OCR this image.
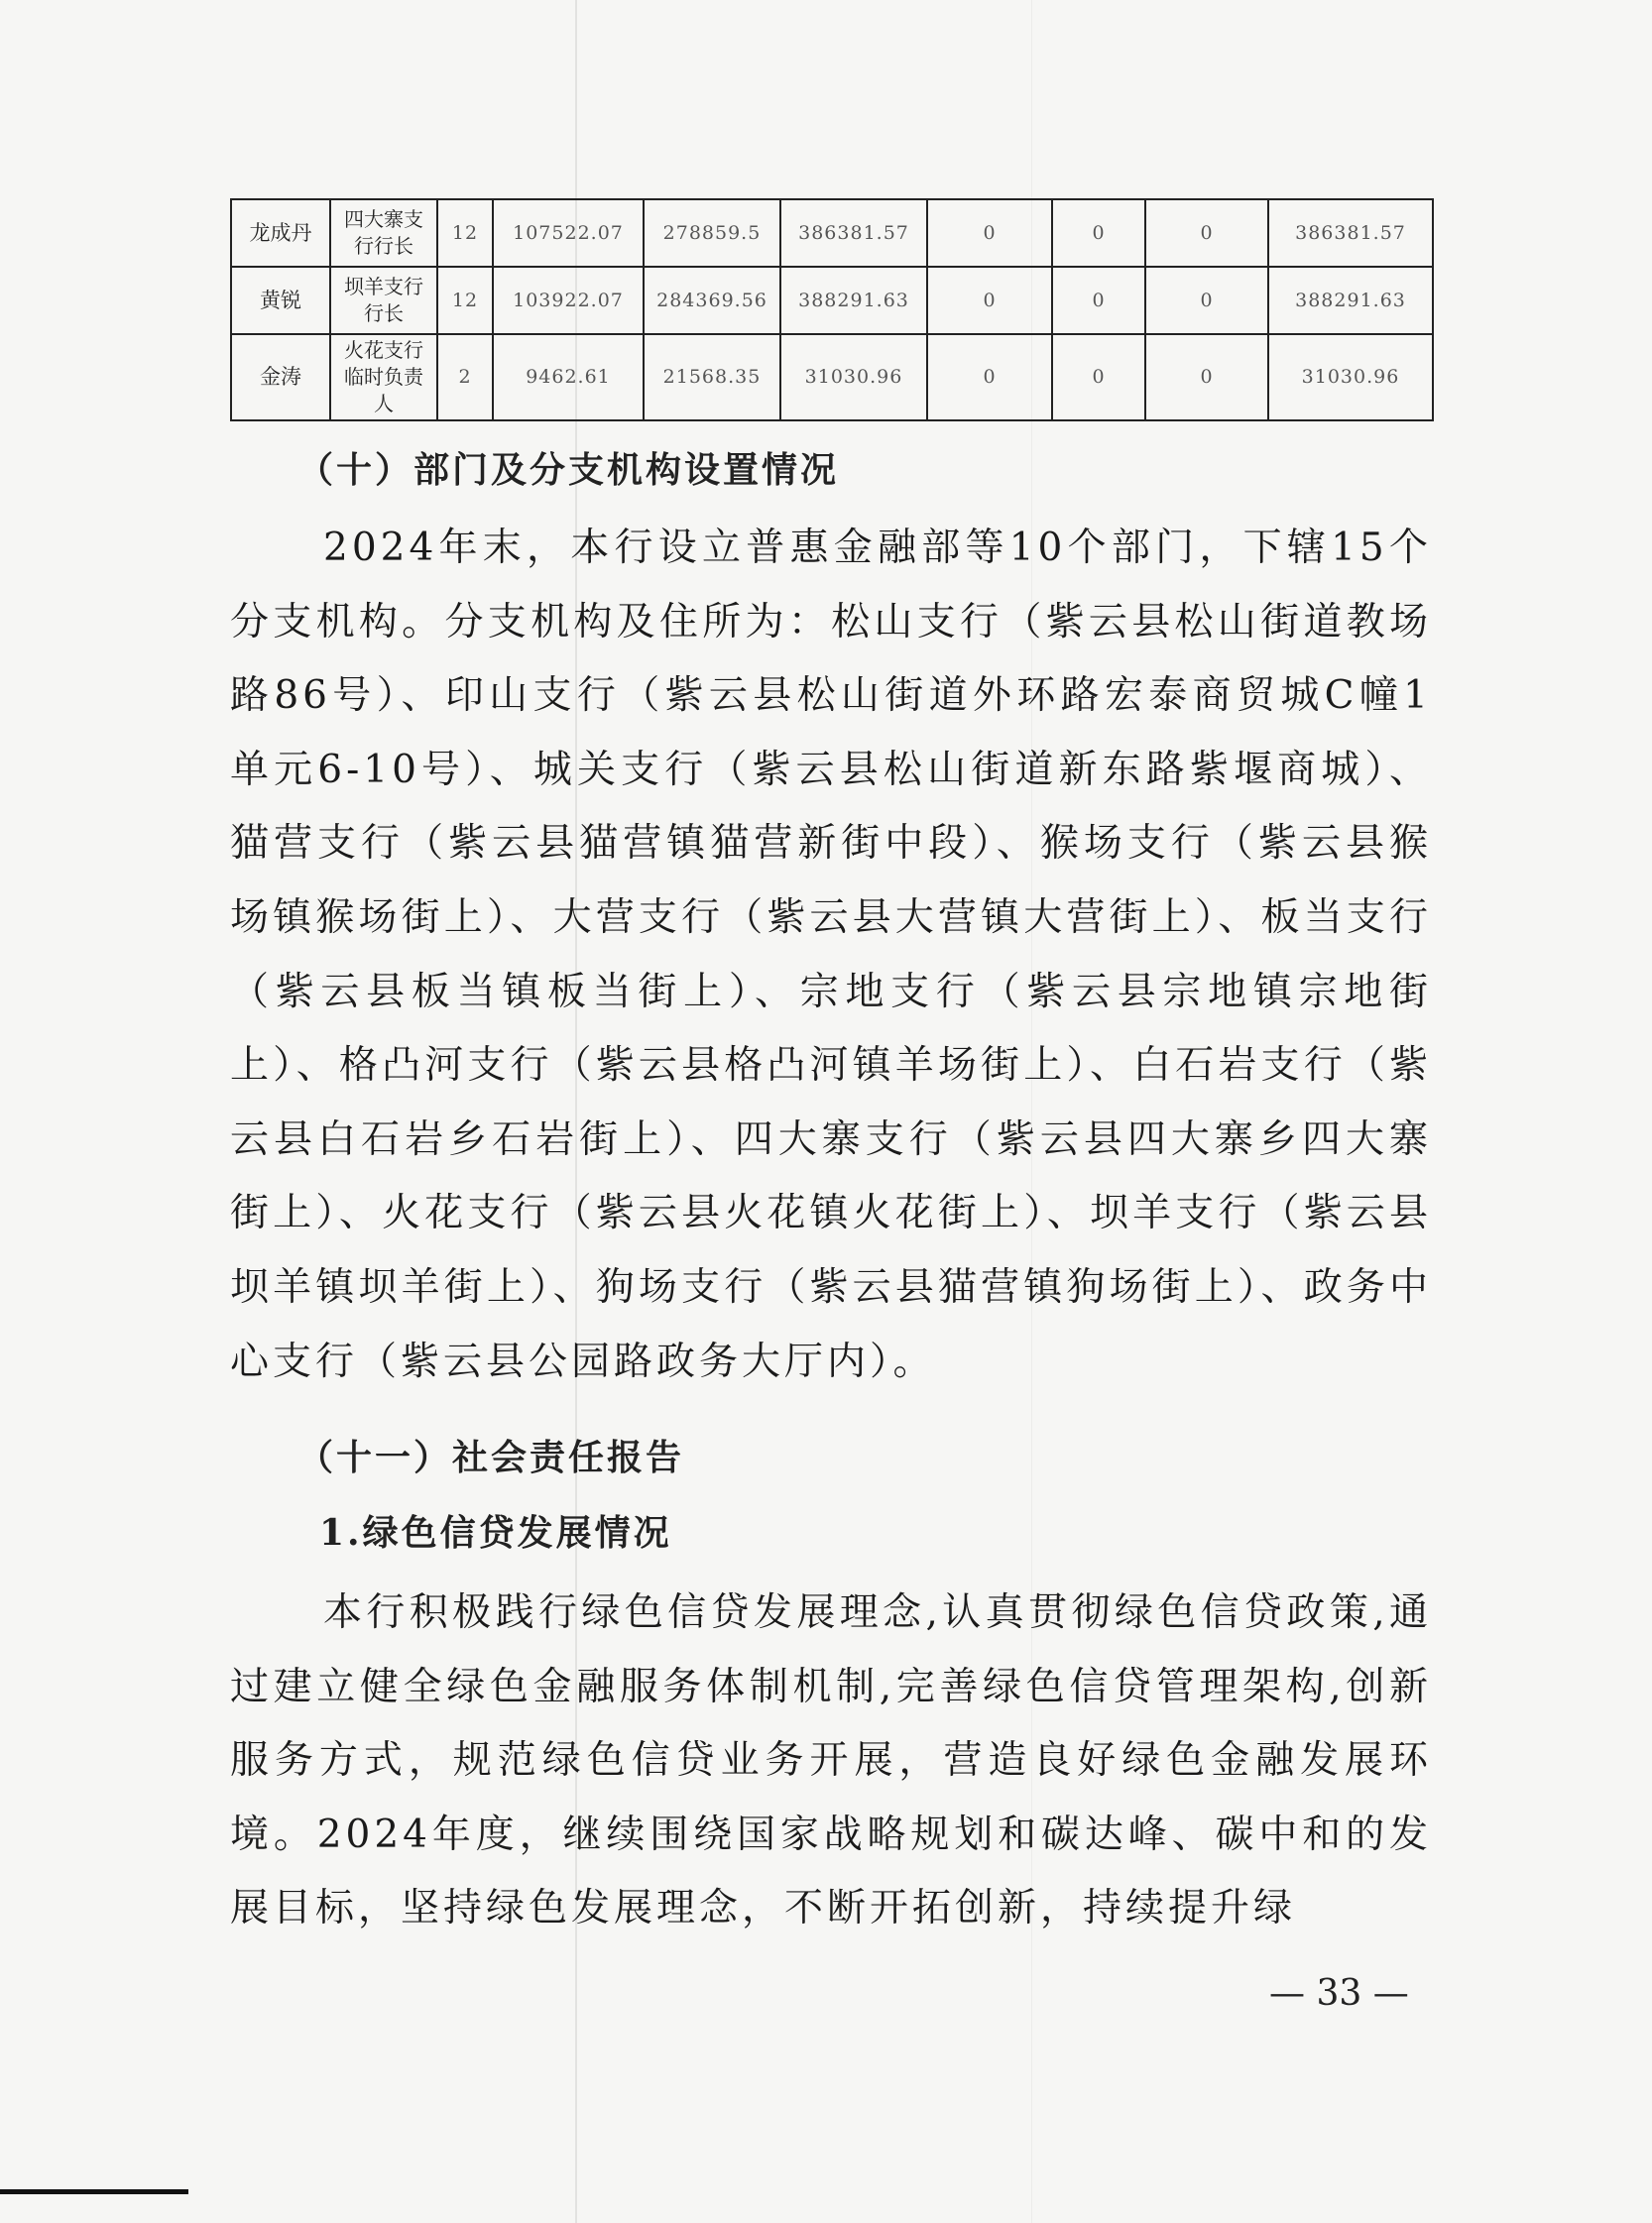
龙成丹	四大寨支行行长	12	107522.07	278859.5	386381.57	0	0	0	386381.57
黄锐	坝羊支行行长	12	103922.07	284369.56	388291.63	0	0	0	388291.63
金涛	火花支行临时负责人	2	9462.61	21568.35	31030.96	0	0	0	31030.96
（十）部门及分支机构设置情况

2024年末，本行设立普惠金融部等10个部门，下辖15个分支机构。分支机构及住所为：松山支行（紫云县松山街道教场路86号）、印山支行（紫云县松山街道外环路宏泰商贸城C幢1单元6-10号）、城关支行（紫云县松山街道新东路紫堰商城）、猫营支行（紫云县猫营镇猫营新街中段）、猴场支行（紫云县猴场镇猴场街上）、大营支行（紫云县大营镇大营街上）、板当支行（紫云县板当镇板当街上）、宗地支行（紫云县宗地镇宗地街上）、格凸河支行（紫云县格凸河镇羊场街上）、白石岩支行（紫云县白石岩乡石岩街上）、四大寨支行（紫云县四大寨乡四大寨街上）、火花支行（紫云县火花镇火花街上）、坝羊支行（紫云县坝羊镇坝羊街上）、狗场支行（紫云县猫营镇狗场街上）、政务中心支行（紫云县公园路政务大厅内）。

（十一）社会责任报告
1.绿色信贷发展情况

本行积极践行绿色信贷发展理念,认真贯彻绿色信贷政策,通过建立健全绿色金融服务体制机制,完善绿色信贷管理架构,创新服务方式，规范绿色信贷业务开展，营造良好绿色金融发展环境。2024年度，继续围绕国家战略规划和碳达峰、碳中和的发展目标，坚持绿色发展理念，不断开拓创新，持续提升绿

— 33 —
